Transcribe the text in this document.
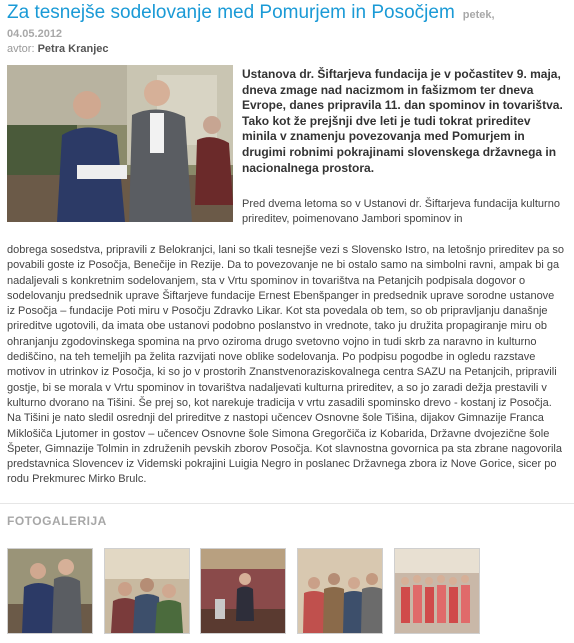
Za tesnejše sodelovanje med Pomurjem in Posočjem petek,
04.05.2012
avtor: Petra Kranjec
Ustanova dr. Šiftarjeva fundacija je v počastitev 9. maja, dneva zmage nad nacizmom in fašizmom ter dneva Evrope, danes pripravila 11. dan spominov in tovarištva. Tako kot že prejšnji dve leti je tudi tokrat prireditev minila v znamenju povezovanja med Pomurjem in drugimi robnimi pokrajinami slovenskega državnega in nacionalnega prostora.
Pred dvema letoma so v Ustanovi dr. Šiftarjeva fundacija kulturno prireditev, poimenovano Jambori spominov in
dobrega sosedstva, pripravili z Belokranjci, lani so tkali tesnejše vezi s Slovensko Istro, na letošnjo prireditev pa so povabili goste iz Posočja, Benečije in Rezije. Da to povezovanje ne bi ostalo samo na simbolni ravni, ampak bi ga nadaljevali s konkretnim sodelovanjem, sta v Vrtu spominov in tovarištva na Petanjcih podpisala dogovor o sodelovanju predsednik uprave Šiftarjeve fundacije Ernest Ebenšpanger in predsednik uprave sorodne ustanove iz Posočja – fundacije Poti miru v Posočju Zdravko Likar. Kot sta povedala ob tem, so ob pripravljanju današnje prireditve ugotovili, da imata obe ustanovi podobno poslanstvo in vrednote, tako ju družita propagiranje miru ob ohranjanju zgodovinskega spomina na prvo oziroma drugo svetovno vojno in tudi skrb za naravno in kulturno dediščino, na teh temeljih pa želita razvijati nove oblike sodelovanja. Po podpisu pogodbe in ogledu razstave motivov in utrinkov iz Posočja, ki so jo v prostorih Znanstvenoraziskovalnega centra SAZU na Petanjcih, pripravili gostje, bi se morala v Vrtu spominov in tovarištva nadaljevati kulturna prireditev, a so jo zaradi dežja prestavili v kulturno dvorano na Tišini. Še prej so, kot narekuje tradicija v vrtu zasadili spominsko drevo - kostanj iz Posočja. Na Tišini je nato sledil osrednji del prireditve z nastopi učencev Osnovne šole Tišina, dijakov Gimnazije Franca Miklošiča Ljutomer in gostov – učencev Osnovne šole Simona Gregorčiča iz Kobarida, Državne dvojezične šole Špeter, Gimnazije Tolmin in združenih pevskih zborov Posočja. Kot slavnostna govornica pa sta zbrane nagovorila predstavnica Slovencev iz Videmski pokrajini Luigia Negro in poslanec Državnega zbora iz Nove Gorice, sicer po rodu Prekmurec Mirko Brulc.
FOTOGALERIJA
